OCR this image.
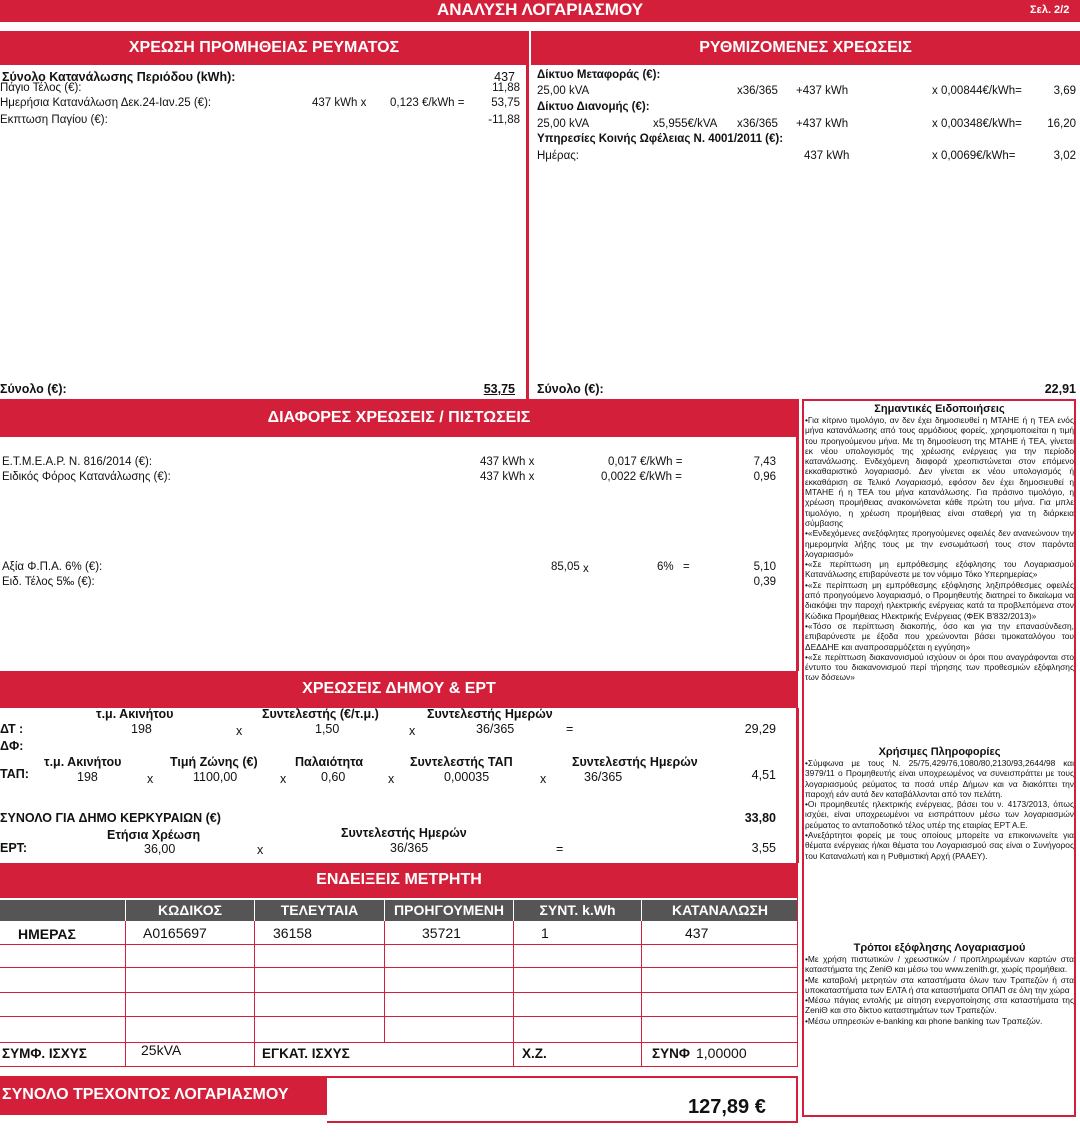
ΑΝΑΛΥΣΗ ΛΟΓΑΡΙΑΣΜΟΥ	Σελ. 2/2
ΧΡΕΩΣΗ ΠΡΟΜΗΘΕΙΑΣ ΡΕΥΜΑΤΟΣ
Σύνολο Κατανάλωσης Περιόδου (kWh):	437
Πάγιο Τέλος (€):	11,88
Ημερήσια Κατανάλωση Δεκ.24-Ιαν.25 (€):	437 kWh x 0,123 €/kWh =	53,75
Εκπτωση Παγίου (€):	-11,88
Σύνολο (€):	53,75
ΡΥΘΜΙΖΟΜΕΝΕΣ ΧΡΕΩΣΕΙΣ
Δίκτυο Μεταφοράς (€):
25,00 kVA	x36/365 +437 kWh	x 0,00844€/kWh=	3,69
Δίκτυο Διανομής (€):
25,00 kVA	x5,955€/kVA x36/365 +437 kWh	x 0,00348€/kWh=	16,20
Υπηρεσίες Κοινής Ωφέλειας Ν. 4001/2011 (€):
Ημέρας:	437 kWh	x 0,0069€/kWh=	3,02
Σύνολο (€):	22,91
ΔΙΑΦΟΡΕΣ ΧΡΕΩΣΕΙΣ / ΠΙΣΤΩΣΕΙΣ
Ε.Τ.Μ.Ε.Α.Ρ. Ν. 816/2014 (€):	437 kWh x	0,017 €/kWh =	7,43
Ειδικός Φόρος Κατανάλωσης (€):	437 kWh x	0,0022 €/kWh =	0,96
Αξία Φ.Π.Α. 6% (€):	85,05 x	6% =	5,10
Ειδ. Τέλος 5‰ (€):	0,39
ΧΡΕΩΣΕΙΣ ΔΗΜΟΥ & ΕΡΤ
τ.μ. Ακινήτου	Συντελεστής (€/τ.μ.)	Συντελεστής Ημερών
ΔΤ :	198	x	1,50	x	36/365	=	29,29
ΔΦ:
τ.μ. Ακινήτου	Τιμή Ζώνης (€)	Παλαιότητα	Συντελεστής ΤΑΠ	Συντελεστής Ημερών
ΤΑΠ:	198	x	1100,00	x	0,60	x	0,00035	x	36/365	4,51
ΣΥΝΟΛΟ ΓΙΑ ΔΗΜΟ ΚΕΡΚΥΡΑΙΩΝ (€)	33,80
Ετήσια Χρέωση	Συντελεστής Ημερών
ΕΡΤ:	36,00	x	36/365	=	3,55
ΕΝΔΕΙΞΕΙΣ ΜΕΤΡΗΤΗ
ΚΩΔΙΚΟΣ	ΤΕΛΕΥΤΑΙΑ	ΠΡΟΗΓΟΥΜΕΝΗ	ΣΥΝΤ. k.Wh	ΚΑΤΑΝΑΛΩΣΗ
ΗΜΕΡΑΣ	A0165697	36158	35721	1	437
ΣΥΜΦ. ΙΣΧΥΣ	25kVA	ΕΓΚΑΤ. ΙΣΧΥΣ	Χ.Ζ.	ΣΥΝΦ 1,00000
ΣΥΝΟΛΟ ΤΡΕΧΟΝΤΟΣ ΛΟΓΑΡΙΑΣΜΟΥ
127,89 €
Σημαντικές Ειδοποιήσεις

•Για κίτρινο τιμολόγιο, αν δεν έχει δημοσιευθεί η ΜΤΑΗΕ ή η ΤΕΑ ενός μήνα κατανάλωσης από τους αρμόδιους φορείς, χρησιμοποιείται η τιμή του προηγούμενου μήνα. Με τη δημοσίευση της ΜΤΑΗΕ ή ΤΕΑ, γίνεται εκ νέου υπολογισμός της χρέωσης ενέργειας για την περίοδο κατανάλωσης. Ενδεχόμενη διαφορά χρεοπιστώνεται στον επόμενο εκκαθαριστικό λογαριασμό. Δεν γίνεται εκ νέου υπολογισμός ή εκκαθάριση σε Τελικό Λογαριασμό, εφόσον δεν έχει δημοσιευθεί η ΜΤΑΗΕ ή η ΤΕΑ του μήνα κατανάλωσης. Για πράσινο τιμολόγιο, η χρέωση προμήθειας ανακοινώνεται κάθε πρώτη του μήνα. Για μπλε τιμολόγιο, η χρέωση προμήθειας είναι σταθερή για τη διάρκεια σύμβασης

•«Ενδεχόμενες ανεξόφλητες προηγούμενες οφειλές δεν ανανεώνουν την ημερομηνία λήξης τους με την ενσωμάτωσή τους στον παρόντα λογαριασμό»

•«Σε περίπτωση μη εμπρόθεσμης εξόφλησης του Λογαριασμού Κατανάλωσης επιβαρύνεστε με τον νόμιμο Τόκο Υπερημερίας»

•«Σε περίπτωση μη εμπρόθεσμης εξόφλησης ληξιπρόθεσμες οφειλές από προηγούμενο λογαριασμό, ο Προμηθευτής διατηρεί το δικαίωμα να διακόψει την παροχή ηλεκτρικής ενέργειας κατά τα προβλεπόμενα στον Κώδικα Προμήθειας Ηλεκτρικής Ενέργειας (ΦΕΚ Β'832/2013)»

•«Τόσο σε περίπτωση διακοπής, όσο και για την επανασύνδεση, επιβαρύνεστε με έξοδα που χρεώνονται βάσει τιμοκαταλόγου του ΔΕΔΔΗΕ και αναπροσαρμόζεται η εγγύηση»

•«Σε περίπτωση διακανονισμού ισχύουν οι όροι που αναγράφονται στο έντυπο του διακανονισμού περί τήρησης των προθεσμιών εξόφλησης των δόσεων»

Χρήσιμες Πληροφορίες

•Σύμφωνα με τους Ν. 25/75,429/76,1080/80,2130/93,2644/98 και 3979/11 ο Προμηθευτής είναι υποχρεωμένος να συνεισπράττει με τους λογαριασμούς ρεύματος τα ποσά υπέρ Δήμων και να διακόπτει την παροχή εάν αυτά δεν καταβάλλονται από τον πελάτη.

•Οι προμηθευτές ηλεκτρικής ενέργειας, βάσει του ν. 4173/2013, όπως ισχύει, είναι υποχρεωμένοι να εισπράττουν μέσω των λογαριασμών ρεύματος το ανταποδοτικό τέλος υπέρ της εταιρίας ΕΡΤ Α.Ε.

•Ανεξάρτητοι φορείς με τους οποίους μπορείτε να επικοινωνείτε για θέματα ενέργειας ή/και θέματα του Λογαριασμού σας είναι ο Συνήγορος του Καταναλωτή και η Ρυθμιστική Αρχή (ΡΑΑΕΥ).

Τρόποι εξόφλησης Λογαριασμού

•Με χρήση πιστωτικών / χρεωστικών / προπληρωμένων καρτών στα καταστήματα της ZeniΘ και μέσω του www.zenith.gr, χωρίς προμήθεια.

•Με καταβολή μετρητών στα καταστήματα όλων των Τραπεζών ή στα υποκαταστήματα των ΕΛΤΑ ή στα καταστήματα ΟΠΑΠ σε όλη την χώρα

•Μέσω πάγιας εντολής με αίτηση ενεργοποίησης στα καταστήματα της ZeniΘ και στο δίκτυο καταστημάτων των Τραπεζών.

•Μέσω υπηρεσιών e-banking και phone banking των Τραπεζών.
